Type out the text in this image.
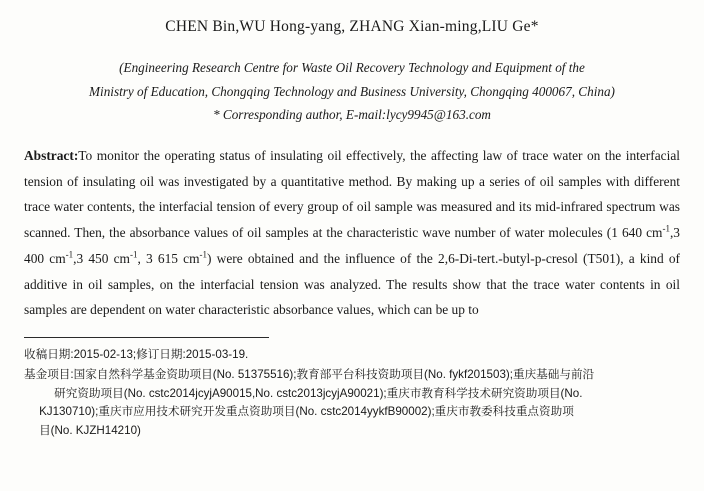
CHEN Bin,WU Hong-yang, ZHANG Xian-ming,LIU Ge*
(Engineering Research Centre for Waste Oil Recovery Technology and Equipment of the
Ministry of Education, Chongqing Technology and Business University, Chongqing 400067, China)
* Corresponding author, E-mail:lycy9945@163.com
Abstract:To monitor the operating status of insulating oil effectively, the affecting law of trace water on the interfacial tension of insulating oil was investigated by a quantitative method. By making up a series of oil samples with different trace water contents, the interfacial tension of every group of oil sample was measured and its mid-infrared spectrum was scanned. Then, the absorbance values of oil samples at the characteristic wave number of water molecules (1 640 $cm^{-1},3$ 400 $cm^{-1},3$ 450 $cm^{-1}$, 3 615 $cm^{-1}$) were obtained and the influence of the 2,6-Di-tert.-butyl-p-cresol (T501), a kind of additive in oil samples, on the interfacial tension was analyzed. The results show that the trace water contents in oil samples are dependent on water characteristic absorbance values, which can be up to
收稿日期:2015-02-13;修订日期:2015-03-19.
基金项目:国家自然科学基金资助项目(No. 51375516);教育部平台科技资助项目(No. fykf201503);重庆基础与前沿
研究资助项目(No. cstc2014jcyjA90015,No. cstc2013jcyjA90021);重庆市教育科学技术研究资助项目(No.
KJ130710);重庆市应用技术研究开发重点资助项目(No. cstc2014yykfB90002);重庆市教委科技重点资助项
目(No. KJZH14210)
